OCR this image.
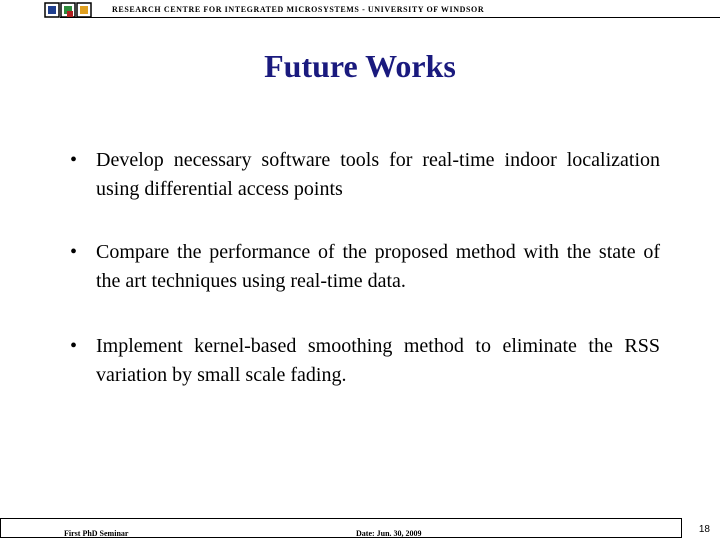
RESEARCH CENTRE FOR INTEGRATED MICROSYSTEMS - UNIVERSITY OF WINDSOR
Future Works
• Develop necessary software tools for real-time indoor localization using differential access points
• Compare the performance of the proposed method with the state of the art techniques using real-time data.
• Implement kernel-based smoothing method to eliminate the RSS variation by small scale fading.
First PhD Seminar	Date: Jun. 30, 2009	18
